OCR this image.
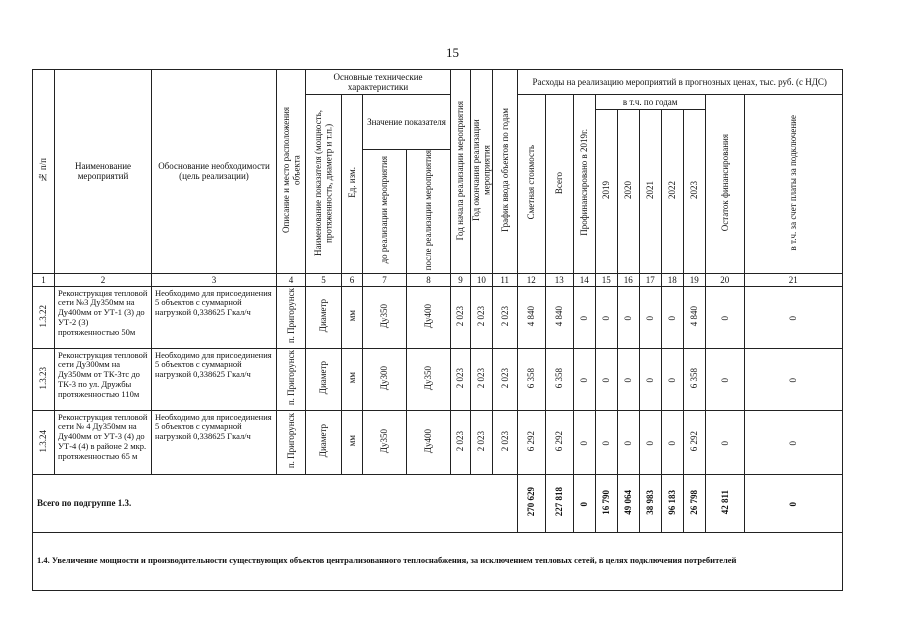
15
№ п/п	Наименование мероприятий	Обоснование необходимости (цель реализации)	Описание и место расположения объекта	Основные технические характеристики				Год начала реализации мероприятия	Год окончания реализации мероприятия	График ввода объектов по годам	Расходы на реализацию мероприятий в прогнозных ценах, тыс. руб. (с НДС)									
				Наименование показателя (мощность, протяженность, диаметр и т.п.)	Ед. изм.	Значение показателя					Сметная стоимость	Всего	Профинансировано в 2019г.	в т.ч. по годам					Остаток финансирования	в т.ч. за счет платы за подключение
														2019	2020	2021	2022	2023		
						до реализации мероприятия	после реализации мероприятия													
1	2	3	4	5	6	7	8	9	10	11	12	13	14	15	16	17	18	19	20	21
1.3.22	Реконструкция тепловой сети №3 Ду350мм на Ду400мм от УТ-1 (3) до УТ-2 (3) протяженностью 50м	Необходимо для присоединения 5 объектов с суммарной нагрузкой 0,338625 Гкал/ч	п. Пригорунск	Диаметр	мм	Ду350	Ду400	2 023	2 023	2 023	4 840	4 840	0	0	0	0	0	4 840	0	0
1.3.23	Реконструкция тепловой сети Ду300мм на Ду350мм от ТК-3тс до ТК-3 по ул. Дружбы протяженностью 110м	Необходимо для присоединения 5 объектов с суммарной нагрузкой 0,338625 Гкал/ч	п. Пригорунск	Диаметр	мм	Ду300	Ду350	2 023	2 023	2 023	6 358	6 358	0	0	0	0	0	6 358	0	0
1.3.24	Реконструкция тепловой сети № 4 Ду350мм на Ду400мм от УТ-3 (4) до УТ-4 (4) в районе 2 мкр. протяженностью 65 м	Необходимо для присоединения 5 объектов с суммарной нагрузкой 0,338625 Гкал/ч	п. Пригорунск	Диаметр	мм	Ду350	Ду400	2 023	2 023	2 023	6 292	6 292	0	0	0	0	0	6 292	0	0
Всего по подгруппе 1.3.											270 629	227 818	0	16 790	49 064	38 983	96 183	26 798	42 811	0
1.4. Увеличение мощности и производительности существующих объектов централизованного теплоснабжения, за исключением тепловых сетей, в целях подключения потребителей																				
